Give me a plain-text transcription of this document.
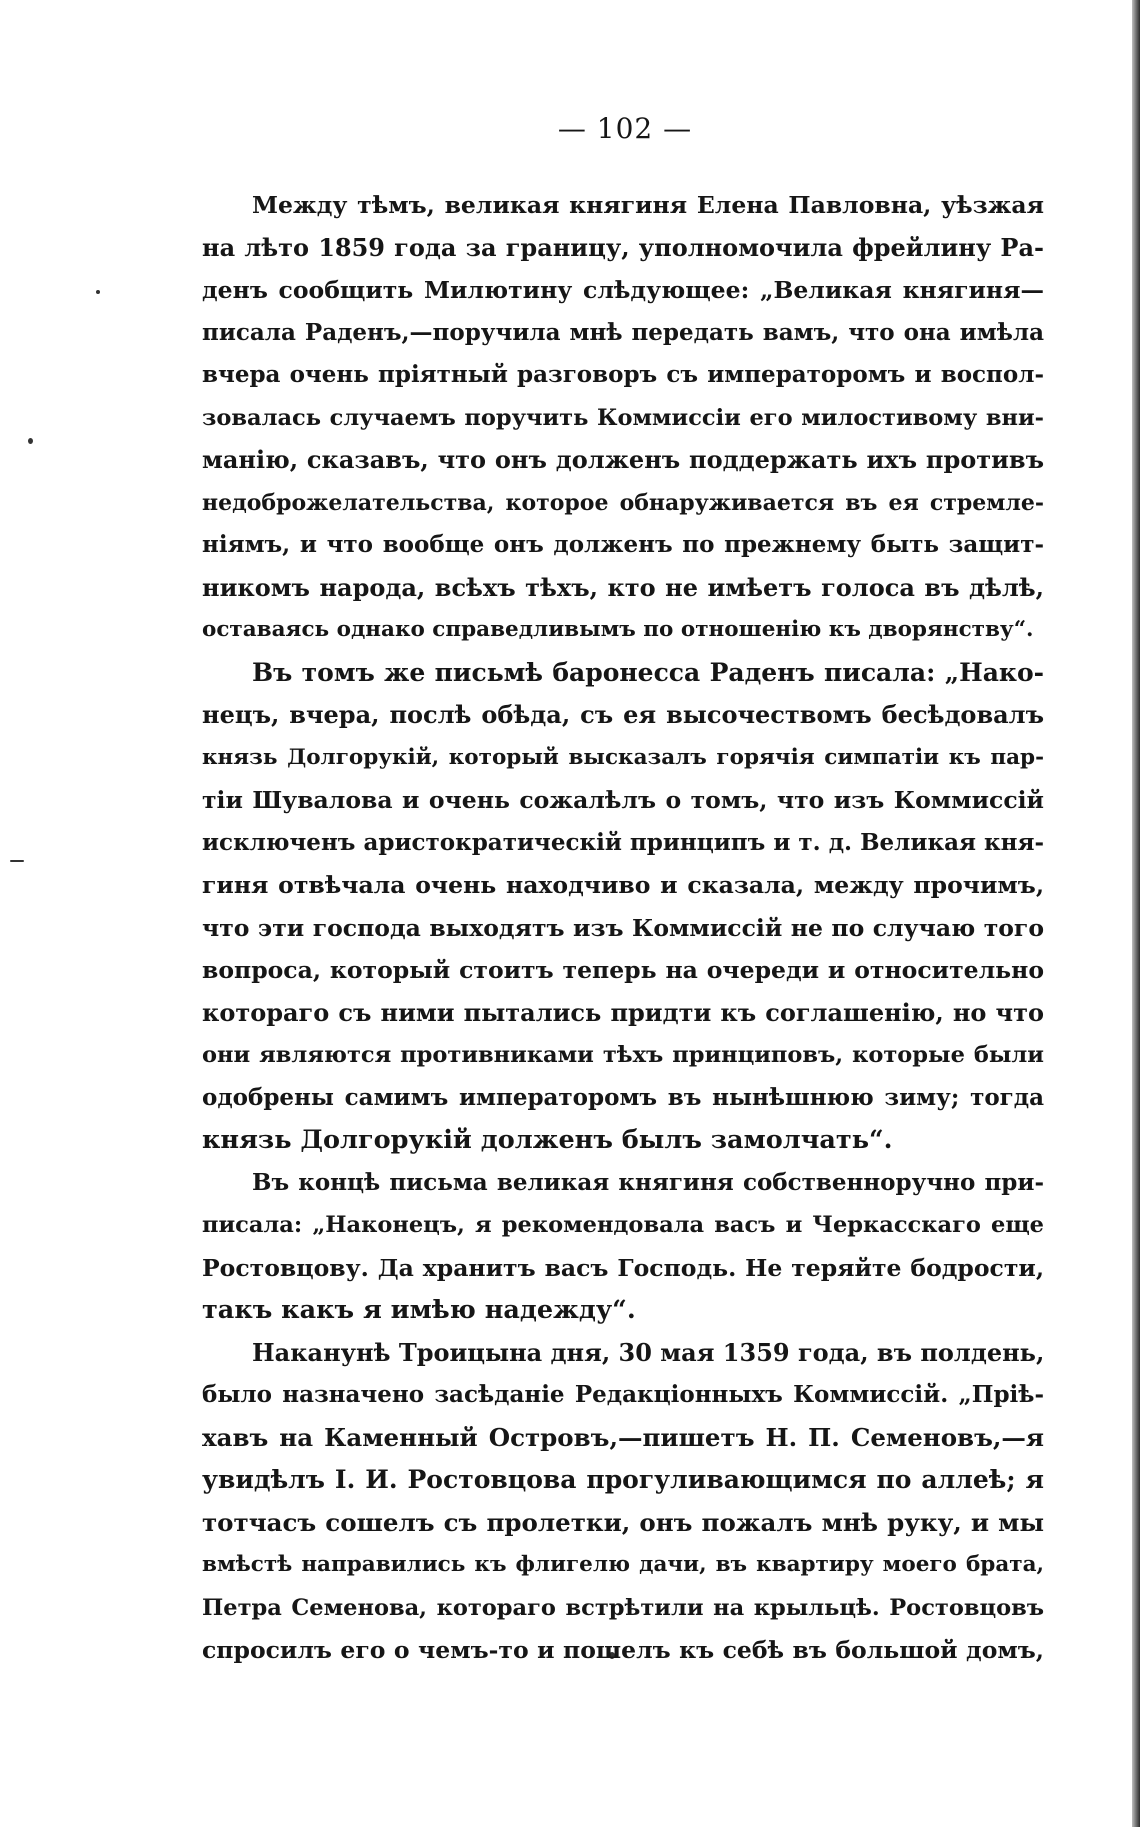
— 102 —
Между тѣмъ, великая княгиня Елена Павловна, уѣзжая
на лѣто 1859 года за границу, уполномочила фрейлину Ра-
денъ сообщить Милютину слѣдующее: „Великая княгиня—
писала Раденъ,—поручила мнѣ передать вамъ, что она имѣла
вчера очень пріятный разговоръ съ императоромъ и воспол-
зовалась случаемъ поручить Коммиссіи его милостивому вни-
манію, сказавъ, что онъ долженъ поддержать ихъ противъ
недоброжелательства, которое обнаруживается въ ея стремле-
ніямъ, и что вообще онъ долженъ по прежнему быть защит-
никомъ народа, всѣхъ тѣхъ, кто не имѣетъ голоса въ дѣлѣ,
оставаясь однако справедливымъ по отношенію къ дворянству“.
Въ томъ же письмѣ баронесса Раденъ писала: „Нако-
нецъ, вчера, послѣ обѣда, съ ея высочествомъ бесѣдовалъ
князь Долгорукій, который высказалъ горячія симпатіи къ пар-
тіи Шувалова и очень сожалѣлъ о томъ, что изъ Коммиссій
исключенъ аристократическій принципъ и т. д. Великая кня-
гиня отвѣчала очень находчиво и сказала, между прочимъ,
что эти господа выходятъ изъ Коммиссій не по случаю того
вопроса, который стоитъ теперь на очереди и относительно
котораго съ ними пытались придти къ соглашенію, но что
они являются противниками тѣхъ принциповъ, которые были
одобрены самимъ императоромъ въ нынѣшнюю зиму; тогда
князь Долгорукій долженъ былъ замолчать“.
Въ концѣ письма великая княгиня собственноручно при-
писала: „Наконецъ, я рекомендовала васъ и Черкасскаго еще
Ростовцову. Да хранитъ васъ Господь. Не теряйте бодрости,
такъ какъ я имѣю надежду“.
Наканунѣ Троицына дня, 30 мая 1359 года, въ полдень,
было назначено засѣданіе Редакціонныхъ Коммиссій. „Пріѣ-
хавъ на Каменный Островъ,—пишетъ Н. П. Семеновъ,—я
увидѣлъ І. И. Ростовцова прогуливающимся по аллеѣ; я
тотчасъ сошелъ съ пролетки, онъ пожалъ мнѣ руку, и мы
вмѣстѣ направились къ флигелю дачи, въ квартиру моего брата,
Петра Семенова, котораго встрѣтили на крыльцѣ. Ростовцовъ
спросилъ его о чемъ-то и пошелъ къ себѣ въ большой домъ,
